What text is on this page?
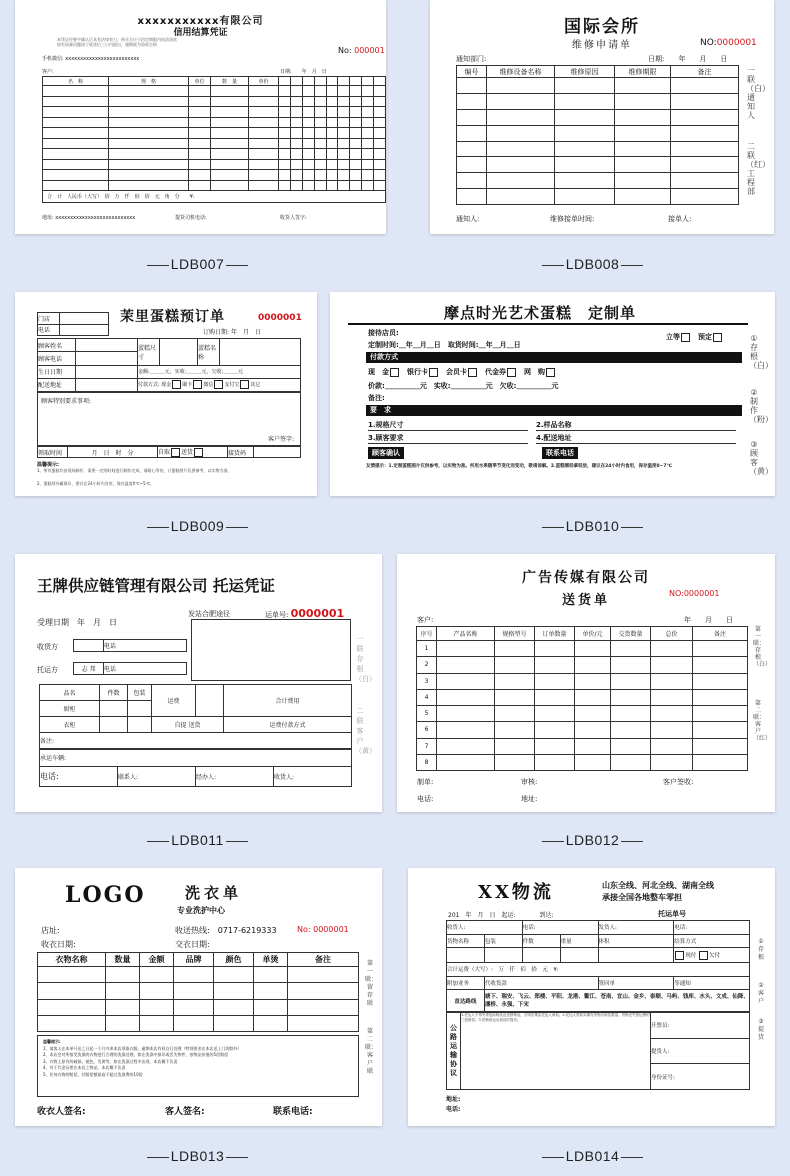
xxxxxxxxxxx有限公司
信用结算凭证
本凭证经签字确认后具有法律效力，购买方应于约定期限内结清货款
如有质量问题请于收货后三日内提出，逾期视为验收合格
No: 000001
手机微信: xxxxxxxxxxxxxxxxxxxxxxxxx
客户:	日期:　　 年　 月　 日
名　称	规　格	单位	数　量	单价									

合　计　 人民币（大写）　 拾　万　仟　佰　拾　元　角　分　　 ¥:													
地址: xxxxxxxxxxxxxxxxxxxxxxxxxxx	提货司机电话:	收货人签字:
LDB007
国际会所
维修申请单	NO:0000001
通知部门:	日期:　　 年　　 月　　 日
编号	维修设备名称	维修原因	维修期限	备注

					一联（白）通知人
二联（红）工程部
通知人:	维修接单时间:	接单人:
LDB008
茉里蛋糕预订单	0000001
订购日期: 年　月　日
门店	
电话	
顾客姓名		蛋糕尺寸		蛋糕名称	
顾客电话					
生日日期		金额:＿＿＿元，实收:＿＿＿元，欠收:＿＿＿元			
配送地址		付款方式: 现金 刷卡 微信 支付宝 其它			
顾客特别要求事项:
客户签字:
领取时间	月　日　时　分	自取 送货	接货码	
温馨提示:
1、所有蛋糕均由现场制作，需要一定的时间进行制作完成，请耐心等待，订蛋糕图片仅供参考，以实物为准。
2、蛋糕须冷藏保存，建议在24小时内食用，保存温度0℃~5℃。
LDB009
摩点时光艺术蛋糕　定制单
接待店员:
定制时间:＿年＿月＿日　 取货时间:＿年＿月＿日
立等　	预定
付款方式
现　金　	银行卡　	会员卡　	代金券　	网　购
价款:＿＿＿＿＿元　 实收:＿＿＿＿＿元　 欠收:＿＿＿＿＿元
备注:
要　求
1.规格尺寸	2.样品名称
3.顾客要求	4.配送地址
顾客确认	联系电话
友情提示：1.定制蛋糕图片仅供参考，以实物为准。所用水果随季节变化而变动，敬请谅解。2.蛋糕需轻拿轻放，建议在24小时内食用，保存温度0~7℃
①存根（白）
②制作（粉）
③顾客（黄）
LDB010
王牌供应链管理有限公司 托运凭证
发站合肥途径	运单号: 0000001
受理日期　 年　月　日
收货方
		电话
托运方	志 邦	电话
品名	件数	包装	运费		合计费用
厨柜					
衣柜			自提 送货		运费付款方式
备注:					
承运车辆:
电话:	联系人:	经办人:	收货人:
一联存根（白）
二联客户（黄）
LDB011
广告传媒有限公司
送货单	NO:0000001
客户:	年　　 月　　 日
序号	产品名称	规格型号	订单数量	单价/元	交货数量	总价	备注
1							
2							
3							
4							
5							
6							
7							
8							
第一联：存根（白）
第二联：客户（红）
制单:	审核:	客户签收:
电话:	地址:
LDB012
LOGO	洗衣单
专业洗护中心
店址:	收送热线:　 0717-6219333	No: 0000001
收衣日期:	交衣日期:
衣物名称	数量	金额	品牌	颜色	单烫	备注

温馨提示:
1、请客人在本单开出之日起一个月内来本店领取衣服，逾期本店有权自行处理（特别要求在本店送上门的除外）
2、本店会对所接受洗涤的衣物进行合理的洗涤处理，如在洗涤中损坏或丢失物件，按物品价值的5倍赔偿
3、衣物上原有的破损、褪色、发黄等，如在洗涤过程中出现，本店概不负责
4、对于代金证要在本店之物品，本店概不负责
5、任何衣物的赔偿，其赔偿额最高不超过洗涤费的10倍
第一联：留存联
第二联：客户联
收衣人签名:	客人签名:	联系电话:
LDB013
XX物流	山东全线、河北全线、湖南全线
承接全国各地整车零担
201　年　月　日　 起运:　　　　	到达:	托运单号
收货人:		电话:		发货人:	电话:
货物名称	包装	件数	重量	体积	结算方式
					现付 欠付
合计运费（大写）:　 万　仟　佰　拾　元　 ¥:					
附加业务	代收货款			签回单	等通知
直达路线	塘下、瑞安、飞云、郑楼、平阳、龙港、鳌江、苍南、宜山、金乡、泰顺、马屿、钱库、水头、文成、仙降、潘桥、永强、下宋				
公路运输协议	1.托运人不得夹带危险物品及违禁物品，否则后果由托运人承担。2.托运人需如实填写货物名称及数量，货物丢失按运费的三倍赔偿。3.货物到达后请及时提货。	开票员:
提货人:
身份证号:
地址:
电话:
①存根
②客户
③提货
LDB014
